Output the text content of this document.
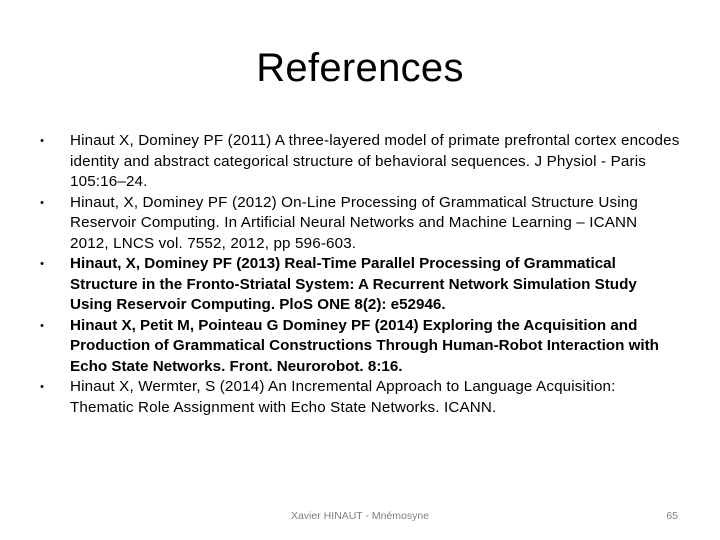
References
• Hinaut X, Dominey PF (2011) A three-layered model of primate prefrontal cortex encodes identity and abstract categorical structure of behavioral sequences. J Physiol - Paris 105:16–24.
• Hinaut, X, Dominey PF (2012) On-Line Processing of Grammatical Structure Using Reservoir Computing. In Artificial Neural Networks and Machine Learning – ICANN 2012, LNCS vol. 7552, 2012, pp 596-603.
• Hinaut, X, Dominey PF (2013) Real-Time Parallel Processing of Grammatical Structure in the Fronto-Striatal System: A Recurrent Network Simulation Study Using Reservoir Computing. PloS ONE 8(2): e52946.
• Hinaut X, Petit M, Pointeau G Dominey PF (2014) Exploring the Acquisition and Production of Grammatical Constructions Through Human-Robot Interaction with Echo State Networks. Front. Neurorobot. 8:16.
• Hinaut X, Wermter, S (2014) An Incremental Approach to Language Acquisition: Thematic Role Assignment with Echo State Networks. ICANN.
Xavier HINAUT - Mnémosyne	65
